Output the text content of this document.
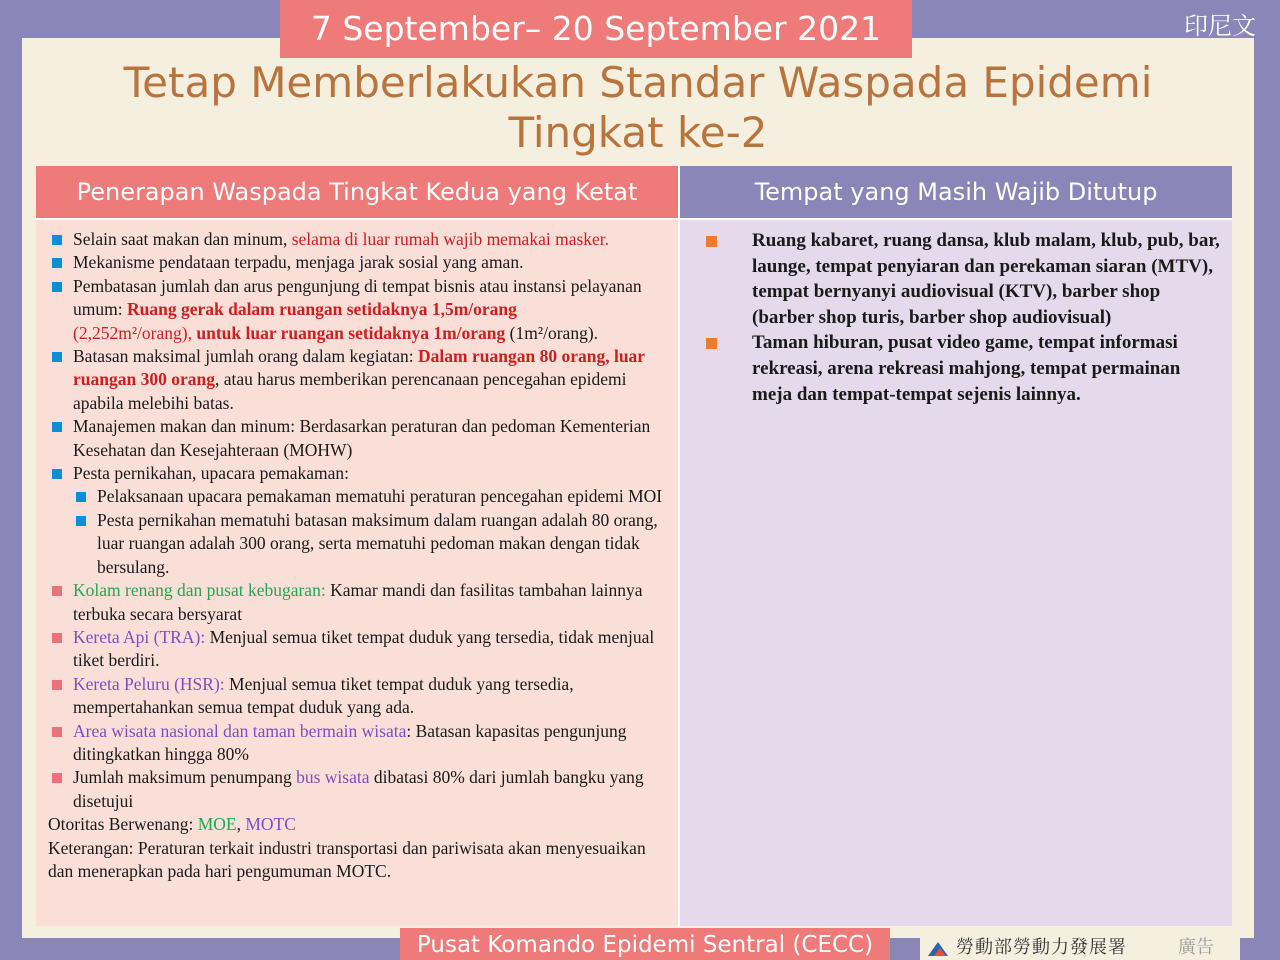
7 September– 20 September 2021	印尼文
Tetap Memberlakukan Standar Waspada Epidemi
Tingkat ke-2
Penerapan Waspada Tingkat Kedua yang Ketat	Tempat yang Masih Wajib Ditutup
Selain saat makan dan minum, selama di luar rumah wajib memakai masker.
Mekanisme pendataan terpadu, menjaga jarak sosial yang aman.
Pembatasan jumlah dan arus pengunjung di tempat bisnis atau instansi pelayanan umum: Ruang gerak dalam ruangan setidaknya 1,5m/orang
(2,252m²/orang), untuk luar ruangan setidaknya 1m/orang (1m²/orang).
Batasan maksimal jumlah orang dalam kegiatan: Dalam ruangan 80 orang, luar ruangan 300 orang, atau harus memberikan perencanaan pencegahan epidemi apabila melebihi batas.
Manajemen makan dan minum: Berdasarkan peraturan dan pedoman Kementerian Kesehatan dan Kesejahteraan (MOHW)
Pesta pernikahan, upacara pemakaman:
Pelaksanaan upacara pemakaman mematuhi peraturan pencegahan epidemi MOI
Pesta pernikahan mematuhi batasan maksimum dalam ruangan adalah 80 orang, luar ruangan adalah 300 orang, serta mematuhi pedoman makan dengan tidak bersulang.
Kolam renang dan pusat kebugaran: Kamar mandi dan fasilitas tambahan lainnya terbuka secara bersyarat
Kereta Api (TRA): Menjual semua tiket tempat duduk yang tersedia, tidak menjual tiket berdiri.
Kereta Peluru (HSR): Menjual semua tiket tempat duduk yang tersedia, mempertahankan semua tempat duduk yang ada.
Area wisata nasional dan taman bermain wisata: Batasan kapasitas pengunjung ditingkatkan hingga 80%
Jumlah maksimum penumpang bus wisata dibatasi 80% dari jumlah bangku yang disetujui
Otoritas Berwenang: MOE, MOTC
Keterangan: Peraturan terkait industri transportasi dan pariwisata akan menyesuaikan dan menerapkan pada hari pengumuman MOTC.
Ruang kabaret, ruang dansa, klub malam, klub, pub, bar, launge, tempat penyiaran dan perekaman siaran (MTV), tempat bernyanyi audiovisual (KTV), barber shop (barber shop turis, barber shop audiovisual)
Taman hiburan, pusat video game, tempat informasi rekreasi, arena rekreasi mahjong, tempat permainan meja dan tempat-tempat sejenis lainnya.
Pusat Komando Epidemi Sentral (CECC)	勞動部勞動力發展署	廣告
